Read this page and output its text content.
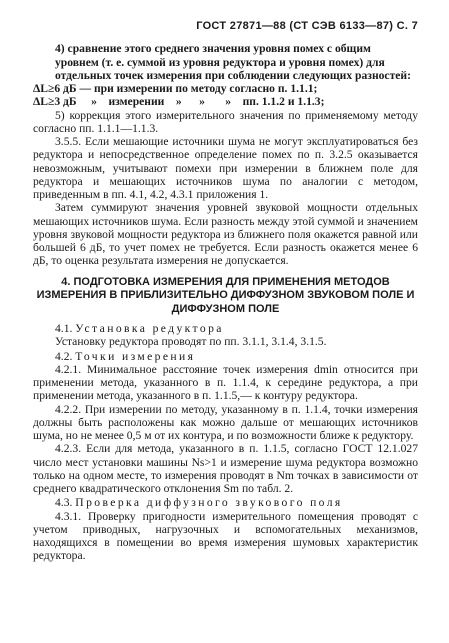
ГОСТ 27871—88 (СТ СЭВ 6133—87) С. 7

4) сравнение этого среднего значения уровня помех с общим
уровнем (т. е. суммой из уровня редуктора и уровня помех) для
отдельных точек измерения при соблюдении следующих разностей:

ΔL≥6 дБ — при измерении по методу согласно п. 1.1.1;

ΔL≥3 дБ     »    измерении    »      »       »    пп. 1.1.2 и 1.1.3;

5) коррекция этого измерительного значения по применяемому методу согласно пп. 1.1.1—1.1.3.

3.5.5. Если мешающие источники шума не могут эксплуатироваться без редуктора и непосредственное определение помех по п. 3.2.5 оказывается невозможным, учитывают помехи при измерении в ближнем поле для редуктора и мешающих источников шума по аналогии с методом, приведенным в пп. 4.1, 4.2, 4.3.1 приложения 1.

Затем суммируют значения уровней звуковой мощности отдельных мешающих источников шума. Если разность между этой суммой и значением уровня звуковой мощности редуктора из ближнего поля окажется равной или большей 6 дБ, то учет помех не требуется. Если разность окажется менее 6 дБ, то оценка результата измерения не допускается.

4. ПОДГОТОВКА ИЗМЕРЕНИЯ ДЛЯ ПРИМЕНЕНИЯ МЕТОДОВ ИЗМЕРЕНИЯ В ПРИБЛИЗИТЕЛЬНО ДИФФУЗНОМ ЗВУКОВОМ ПОЛЕ И ДИФФУЗНОМ ПОЛЕ

4.1. Установка редуктора

Установку редуктора проводят по пп. 3.1.1, 3.1.4, 3.1.5.

4.2. Точки измерения

4.2.1. Минимальное расстояние точек измерения dmin относится при применении метода, указанного в п. 1.1.4, к середине редуктора, а при применении метода, указанного в п. 1.1.5,— к контуру редуктора.

4.2.2. При измерении по методу, указанному в п. 1.1.4, точки измерения должны быть расположены как можно дальше от мешающих источников шума, но не менее 0,5 м от их контура, и по возможности ближе к редуктору.

4.2.3. Если для метода, указанного в п. 1.1.5, согласно ГОСТ 12.1.027 число мест установки машины Ns>1 и измерение шума редуктора возможно только на одном месте, то измерения проводят в Nm точках в зависимости от среднего квадратического отклонения Sm по табл. 2.

4.3. Проверка диффузного звукового поля

4.3.1. Проверку пригодности измерительного помещения проводят с учетом приводных, нагрузочных и вспомогательных механизмов, находящихся в помещении во время измерения шумовых характеристик редуктора.
